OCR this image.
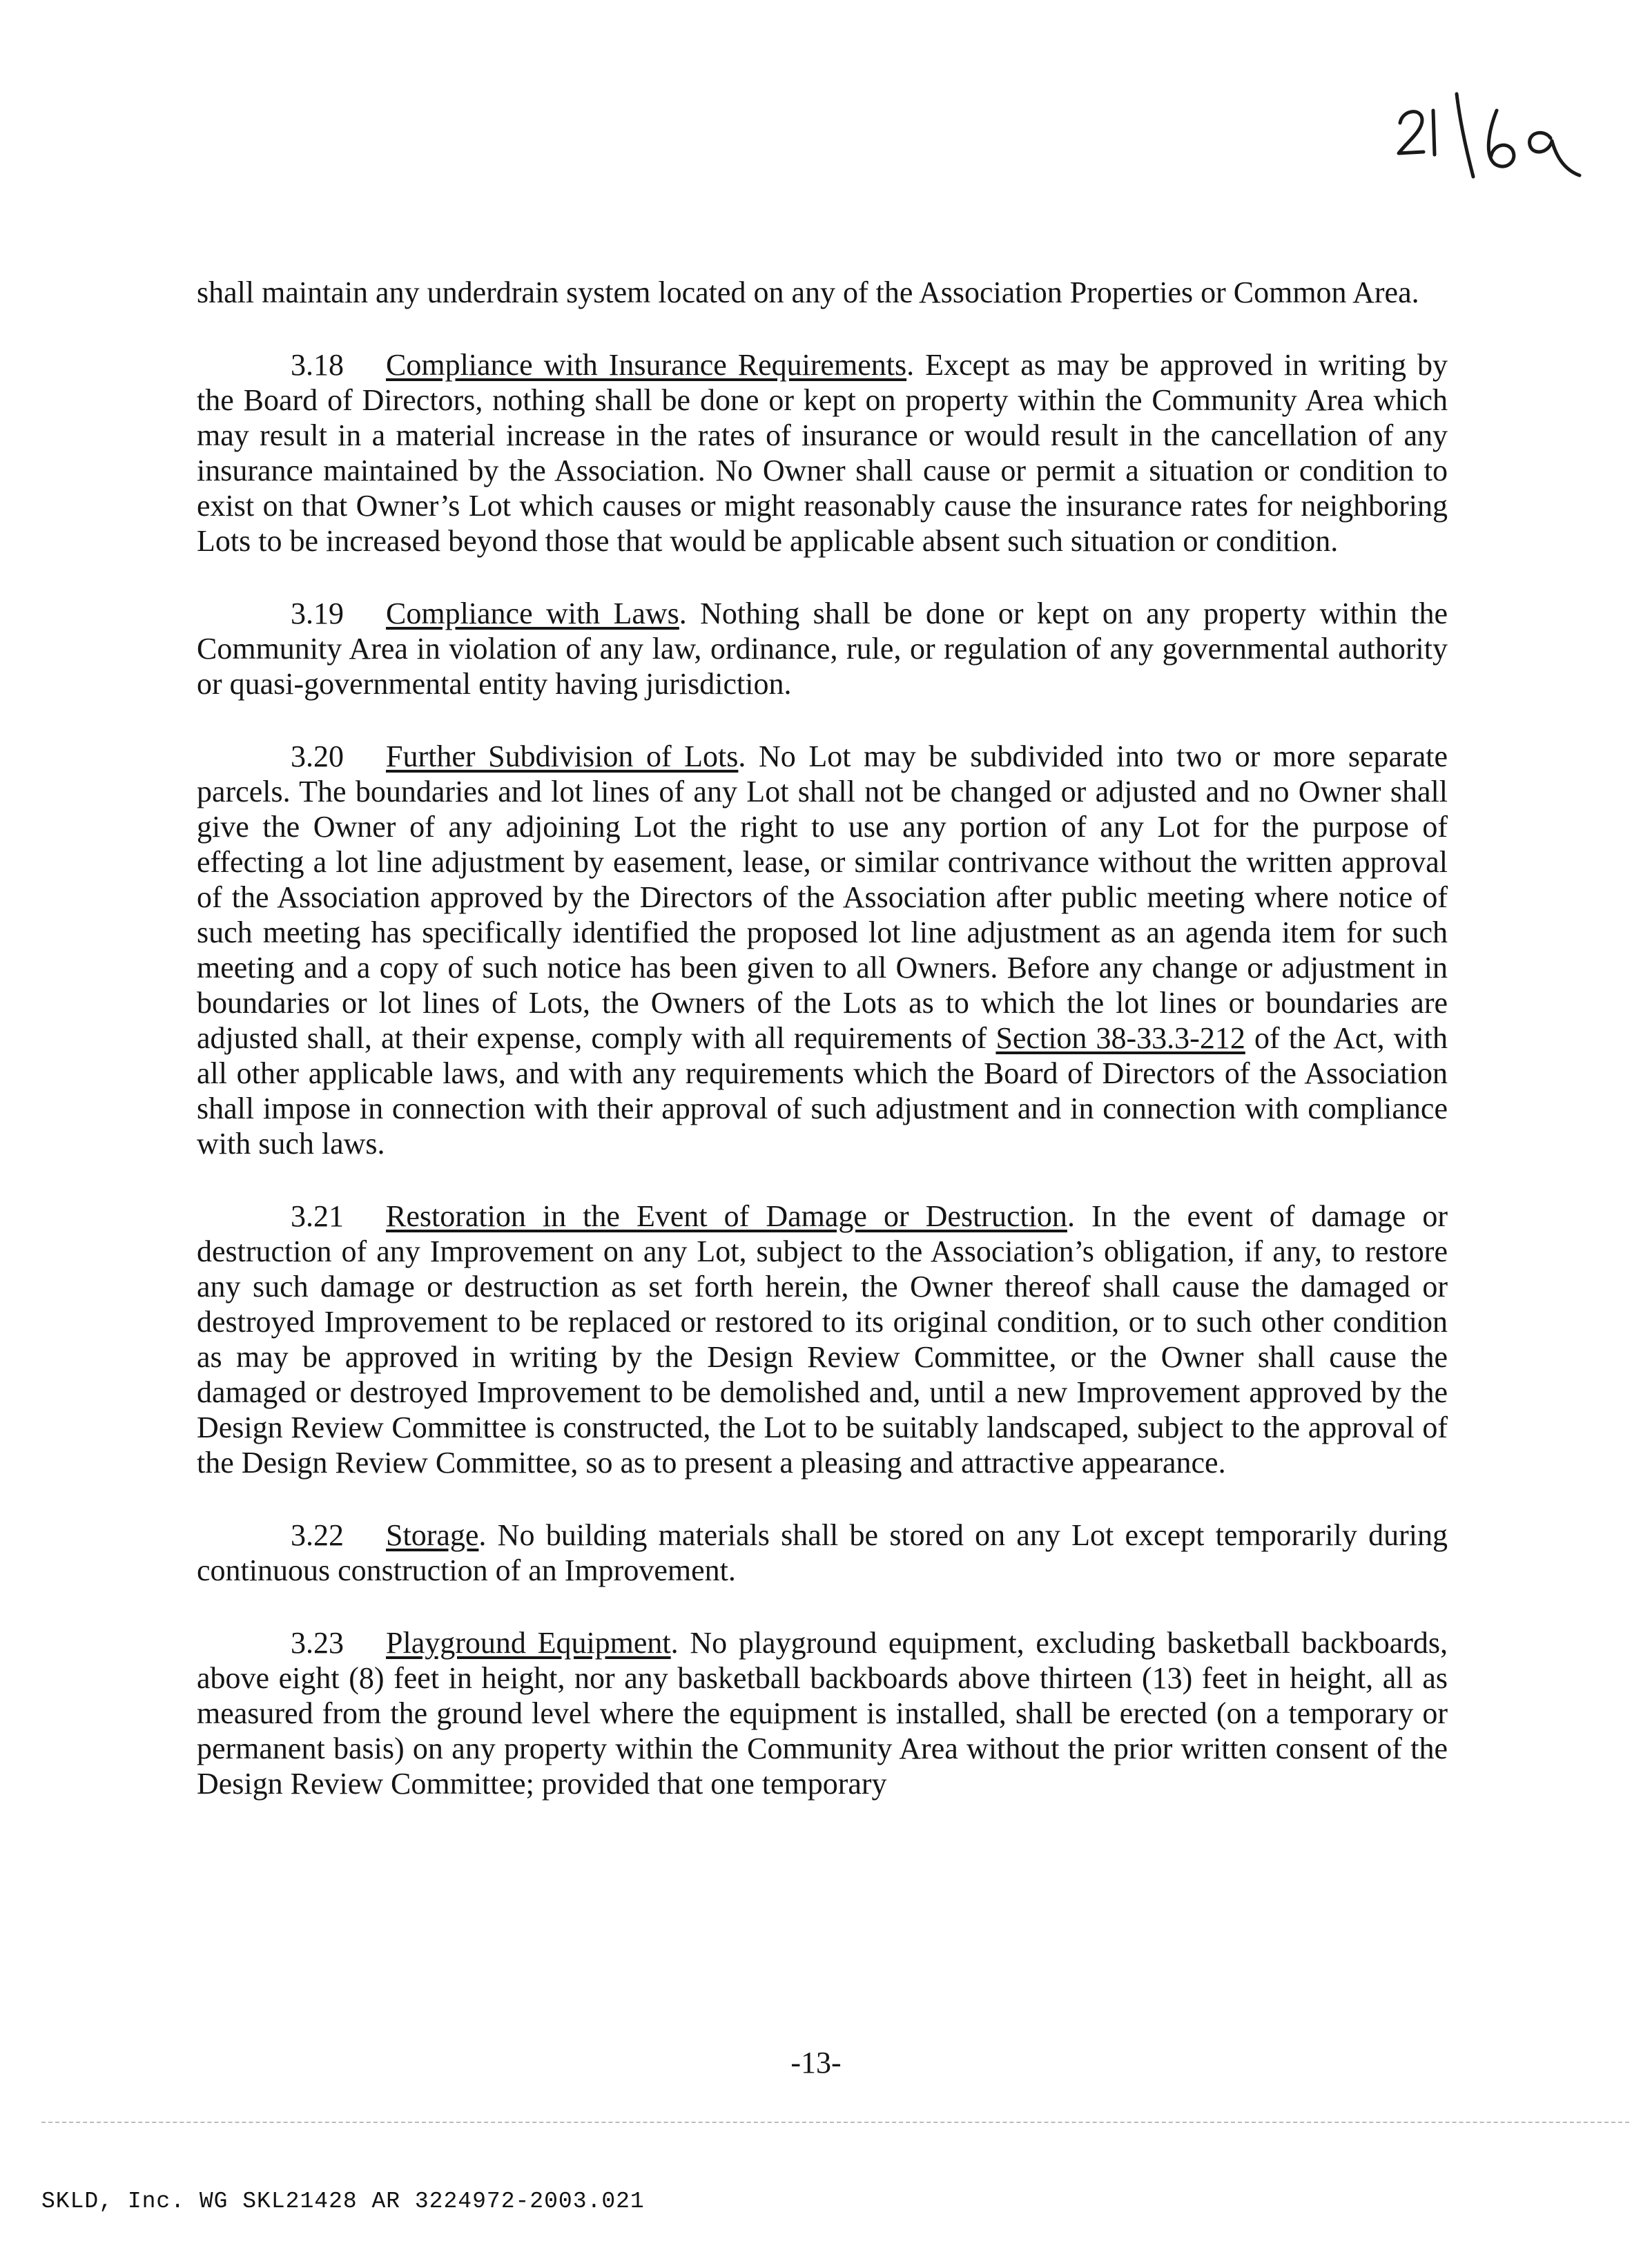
shall maintain any underdrain system located on any of the Association Properties or Common Area.

3.18 Compliance with Insurance Requirements. Except as may be approved in writing by the Board of Directors, nothing shall be done or kept on property within the Community Area which may result in a material increase in the rates of insurance or would result in the cancellation of any insurance maintained by the Association. No Owner shall cause or permit a situation or condition to exist on that Owner’s Lot which causes or might reasonably cause the insurance rates for neighboring Lots to be increased beyond those that would be applicable absent such situation or condition.

3.19 Compliance with Laws. Nothing shall be done or kept on any property within the Community Area in violation of any law, ordinance, rule, or regulation of any governmental authority or quasi-governmental entity having jurisdiction.

3.20 Further Subdivision of Lots. No Lot may be subdivided into two or more separate parcels. The boundaries and lot lines of any Lot shall not be changed or adjusted and no Owner shall give the Owner of any adjoining Lot the right to use any portion of any Lot for the purpose of effecting a lot line adjustment by easement, lease, or similar contrivance without the written approval of the Association approved by the Directors of the Association after public meeting where notice of such meeting has specifically identified the proposed lot line adjustment as an agenda item for such meeting and a copy of such notice has been given to all Owners. Before any change or adjustment in boundaries or lot lines of Lots, the Owners of the Lots as to which the lot lines or boundaries are adjusted shall, at their expense, comply with all requirements of Section 38-33.3-212 of the Act, with all other applicable laws, and with any requirements which the Board of Directors of the Association shall impose in connection with their approval of such adjustment and in connection with compliance with such laws.

3.21 Restoration in the Event of Damage or Destruction. In the event of damage or destruction of any Improvement on any Lot, subject to the Association’s obligation, if any, to restore any such damage or destruction as set forth herein, the Owner thereof shall cause the damaged or destroyed Improvement to be replaced or restored to its original condition, or to such other condition as may be approved in writing by the Design Review Committee, or the Owner shall cause the damaged or destroyed Improvement to be demolished and, until a new Improvement approved by the Design Review Committee is constructed, the Lot to be suitably landscaped, subject to the approval of the Design Review Committee, so as to present a pleasing and attractive appearance.

3.22 Storage. No building materials shall be stored on any Lot except temporarily during continuous construction of an Improvement.

3.23 Playground Equipment. No playground equipment, excluding basketball backboards, above eight (8) feet in height, nor any basketball backboards above thirteen (13) feet in height, all as measured from the ground level where the equipment is installed, shall be erected (on a temporary or permanent basis) on any property within the Community Area without the prior written consent of the Design Review Committee; provided that one temporary

-13-
SKLD, Inc. WG SKL21428 AR 3224972-2003.021
